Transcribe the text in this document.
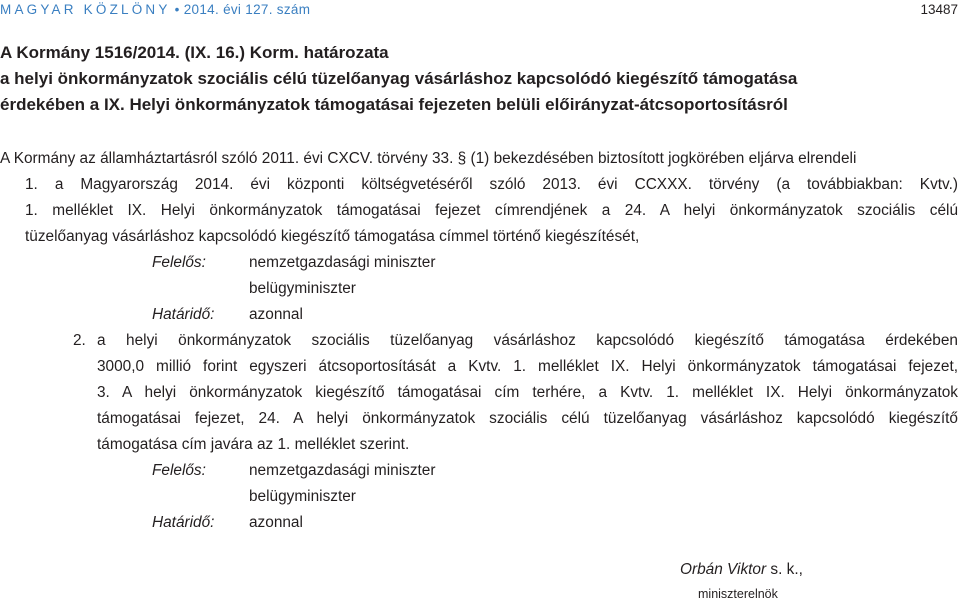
MAGYAR KÖZLÖNY • 2014. évi 127. szám	13487
A Kormány 1516/2014. (IX. 16.) Korm. határozata
a helyi önkormányzatok szociális célú tüzelőanyag vásárláshoz kapcsolódó kiegészítő támogatása
érdekében a IX. Helyi önkormányzatok támogatásai fejezeten belüli előirányzat-átcsoportosításról
A Kormány az államháztartásról szóló 2011. évi CXCV. törvény 33. § (1) bekezdésében biztosított jogkörében eljárva elrendeli
1. a Magyarország 2014. évi központi költségvetéséről szóló 2013. évi CCXXX. törvény (a továbbiakban: Kvtv.)
1. melléklet IX. Helyi önkormányzatok támogatásai fejezet címrendjének a 24. A helyi önkormányzatok szociális célú
tüzelőanyag vásárláshoz kapcsolódó kiegészítő támogatása címmel történő kiegészítését,
Felelős:	nemzetgazdasági miniszter
belügyminiszter
Határidő: azonnal
2. a helyi önkormányzatok szociális tüzelőanyag vásárláshoz kapcsolódó kiegészítő támogatása érdekében
3000,0 millió forint egyszeri átcsoportosítását a Kvtv. 1. melléklet IX. Helyi önkormányzatok támogatásai fejezet,
3. A helyi önkormányzatok kiegészítő támogatásai cím terhére, a Kvtv. 1. melléklet IX. Helyi önkormányzatok
támogatásai fejezet, 24. A helyi önkormányzatok szociális célú tüzelőanyag vásárláshoz kapcsolódó kiegészítő
támogatása cím javára az 1. melléklet szerint.
Felelős:	nemzetgazdasági miniszter
belügyminiszter
Határidő: azonnal
Orbán Viktor s. k.,
miniszterelnök
